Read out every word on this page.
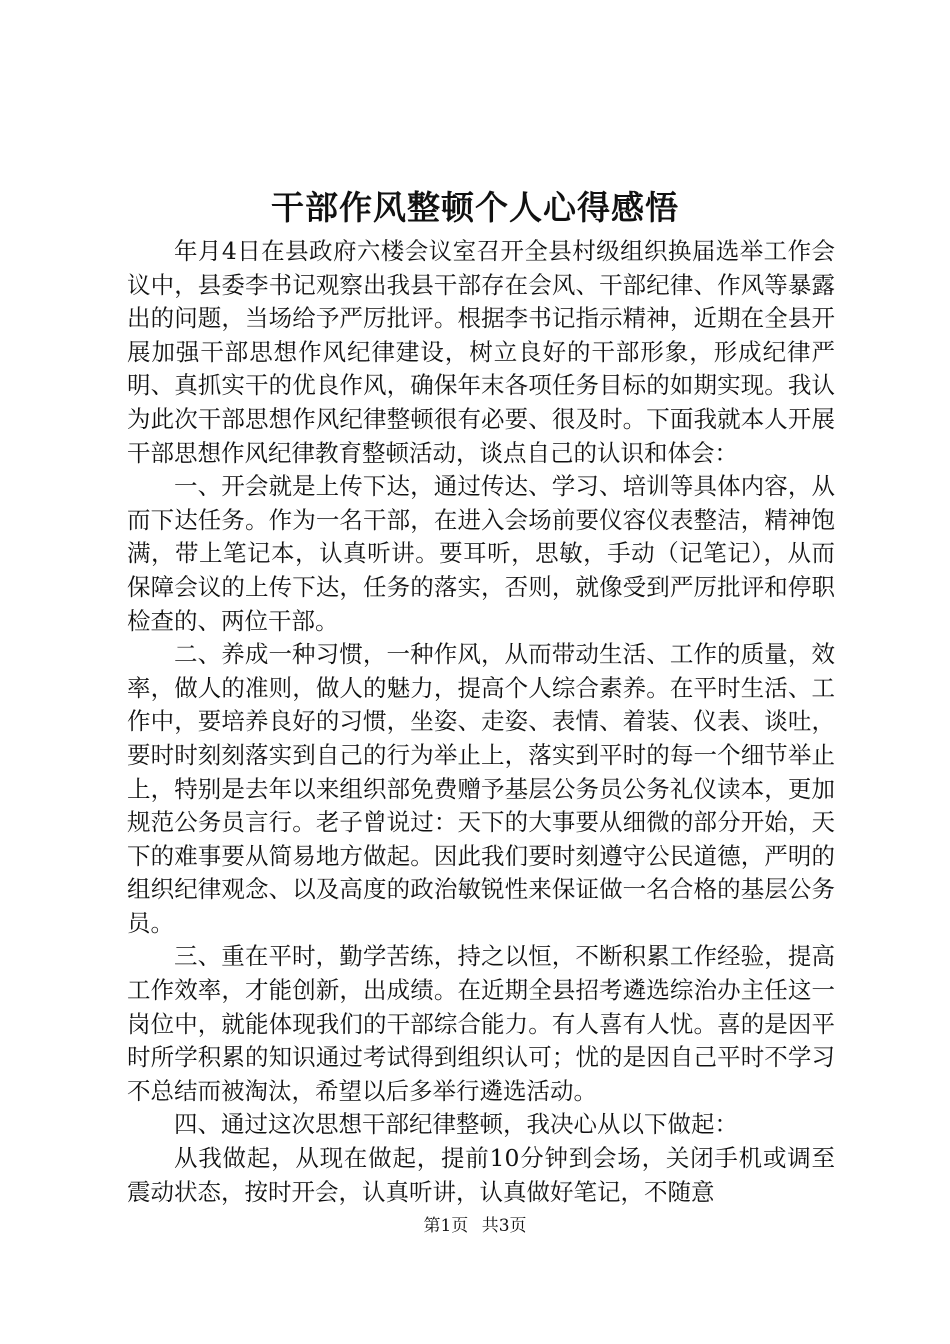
干部作风整顿个人心得感悟

年月4日在县政府六楼会议室召开全县村级组织换届选举工作会议中，县委李书记观察出我县干部存在会风、干部纪律、作风等暴露出的问题，当场给予严厉批评。根据李书记指示精神，近期在全县开展加强干部思想作风纪律建设，树立良好的干部形象，形成纪律严明、真抓实干的优良作风，确保年末各项任务目标的如期实现。我认为此次干部思想作风纪律整顿很有必要、很及时。下面我就本人开展干部思想作风纪律教育整顿活动，谈点自己的认识和体会：

一、开会就是上传下达，通过传达、学习、培训等具体内容，从而下达任务。作为一名干部，在进入会场前要仪容仪表整洁，精神饱满，带上笔记本，认真听讲。要耳听，思敏，手动（记笔记），从而保障会议的上传下达，任务的落实，否则，就像受到严厉批评和停职检查的、两位干部。

二、养成一种习惯，一种作风，从而带动生活、工作的质量，效率，做人的准则，做人的魅力，提高个人综合素养。在平时生活、工作中，要培养良好的习惯，坐姿、走姿、表情、着装、仪表、谈吐，要时时刻刻落实到自己的行为举止上，落实到平时的每一个细节举止上，特别是去年以来组织部免费赠予基层公务员公务礼仪读本，更加规范公务员言行。老子曾说过：天下的大事要从细微的部分开始，天下的难事要从简易地方做起。因此我们要时刻遵守公民道德，严明的组织纪律观念、以及高度的政治敏锐性来保证做一名合格的基层公务员。

三、重在平时，勤学苦练，持之以恒，不断积累工作经验，提高工作效率，才能创新，出成绩。在近期全县招考遴选综治办主任这一岗位中，就能体现我们的干部综合能力。有人喜有人忧。喜的是因平时所学积累的知识通过考试得到组织认可；忧的是因自己平时不学习不总结而被淘汰，希望以后多举行遴选活动。

四、通过这次思想干部纪律整顿，我决心从以下做起：

从我做起，从现在做起，提前10分钟到会场，关闭手机或调至震动状态，按时开会，认真听讲，认真做好笔记，不随意

第1页 共3页
